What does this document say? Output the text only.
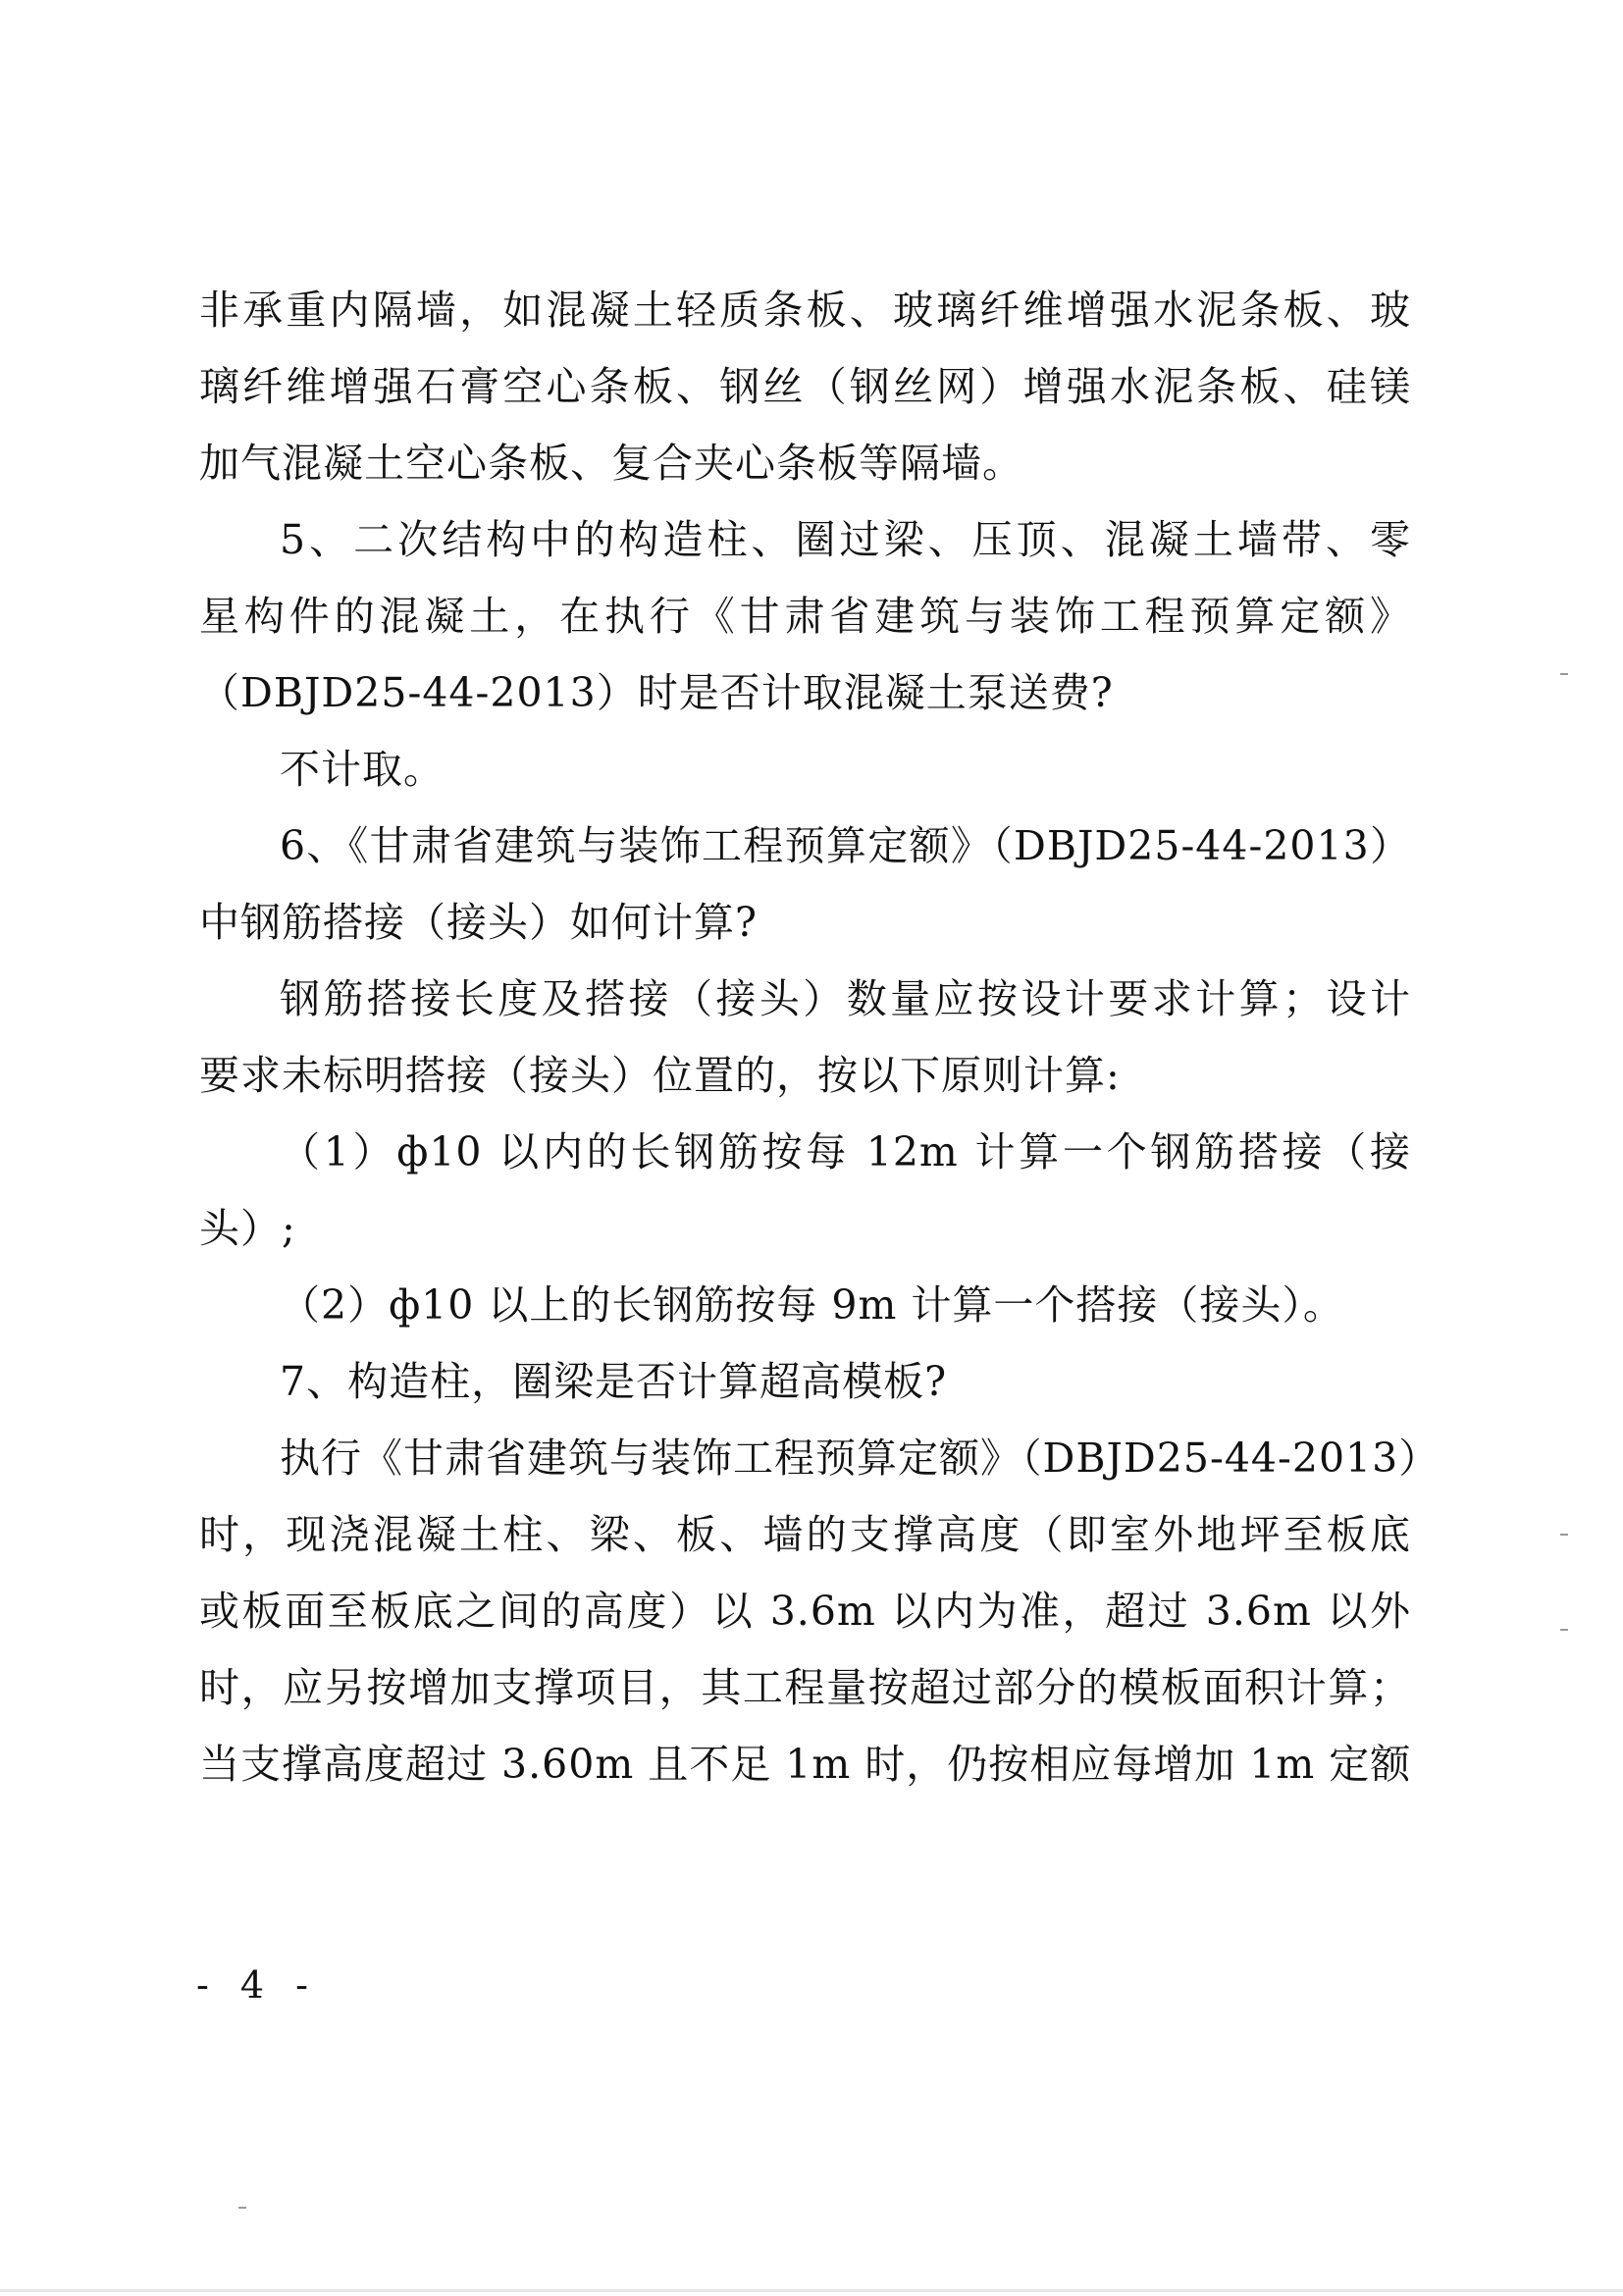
非承重内隔墙，如混凝土轻质条板、玻璃纤维增强水泥条板、玻
璃纤维增强石膏空心条板、钢丝（钢丝网）增强水泥条板、硅镁
加气混凝土空心条板、复合夹心条板等隔墙。
5、二次结构中的构造柱、圈过梁、压顶、混凝土墙带、零
星构件的混凝土，在执行《甘肃省建筑与装饰工程预算定额》
（DBJD25-44-2013）时是否计取混凝土泵送费?
不计取。
6、《甘肃省建筑与装饰工程预算定额》（DBJD25-44-2013）
中钢筋搭接（接头）如何计算?
钢筋搭接长度及搭接（接头）数量应按设计要求计算；设计
要求未标明搭接（接头）位置的，按以下原则计算:
（1）ф10 以内的长钢筋按每 12m 计算一个钢筋搭接（接
头）;
（2）ф10 以上的长钢筋按每 9m 计算一个搭接（接头）。
7、构造柱，圈梁是否计算超高模板?
执行《甘肃省建筑与装饰工程预算定额》（DBJD25-44-2013）
时，现浇混凝土柱、梁、板、墙的支撑高度（即室外地坪至板底
或板面至板底之间的高度）以 3.6m 以内为准，超过 3.6m 以外
时，应另按增加支撑项目，其工程量按超过部分的模板面积计算；
当支撑高度超过 3.60m 且不足 1m 时，仍按相应每增加 1m 定额
- 4 -
